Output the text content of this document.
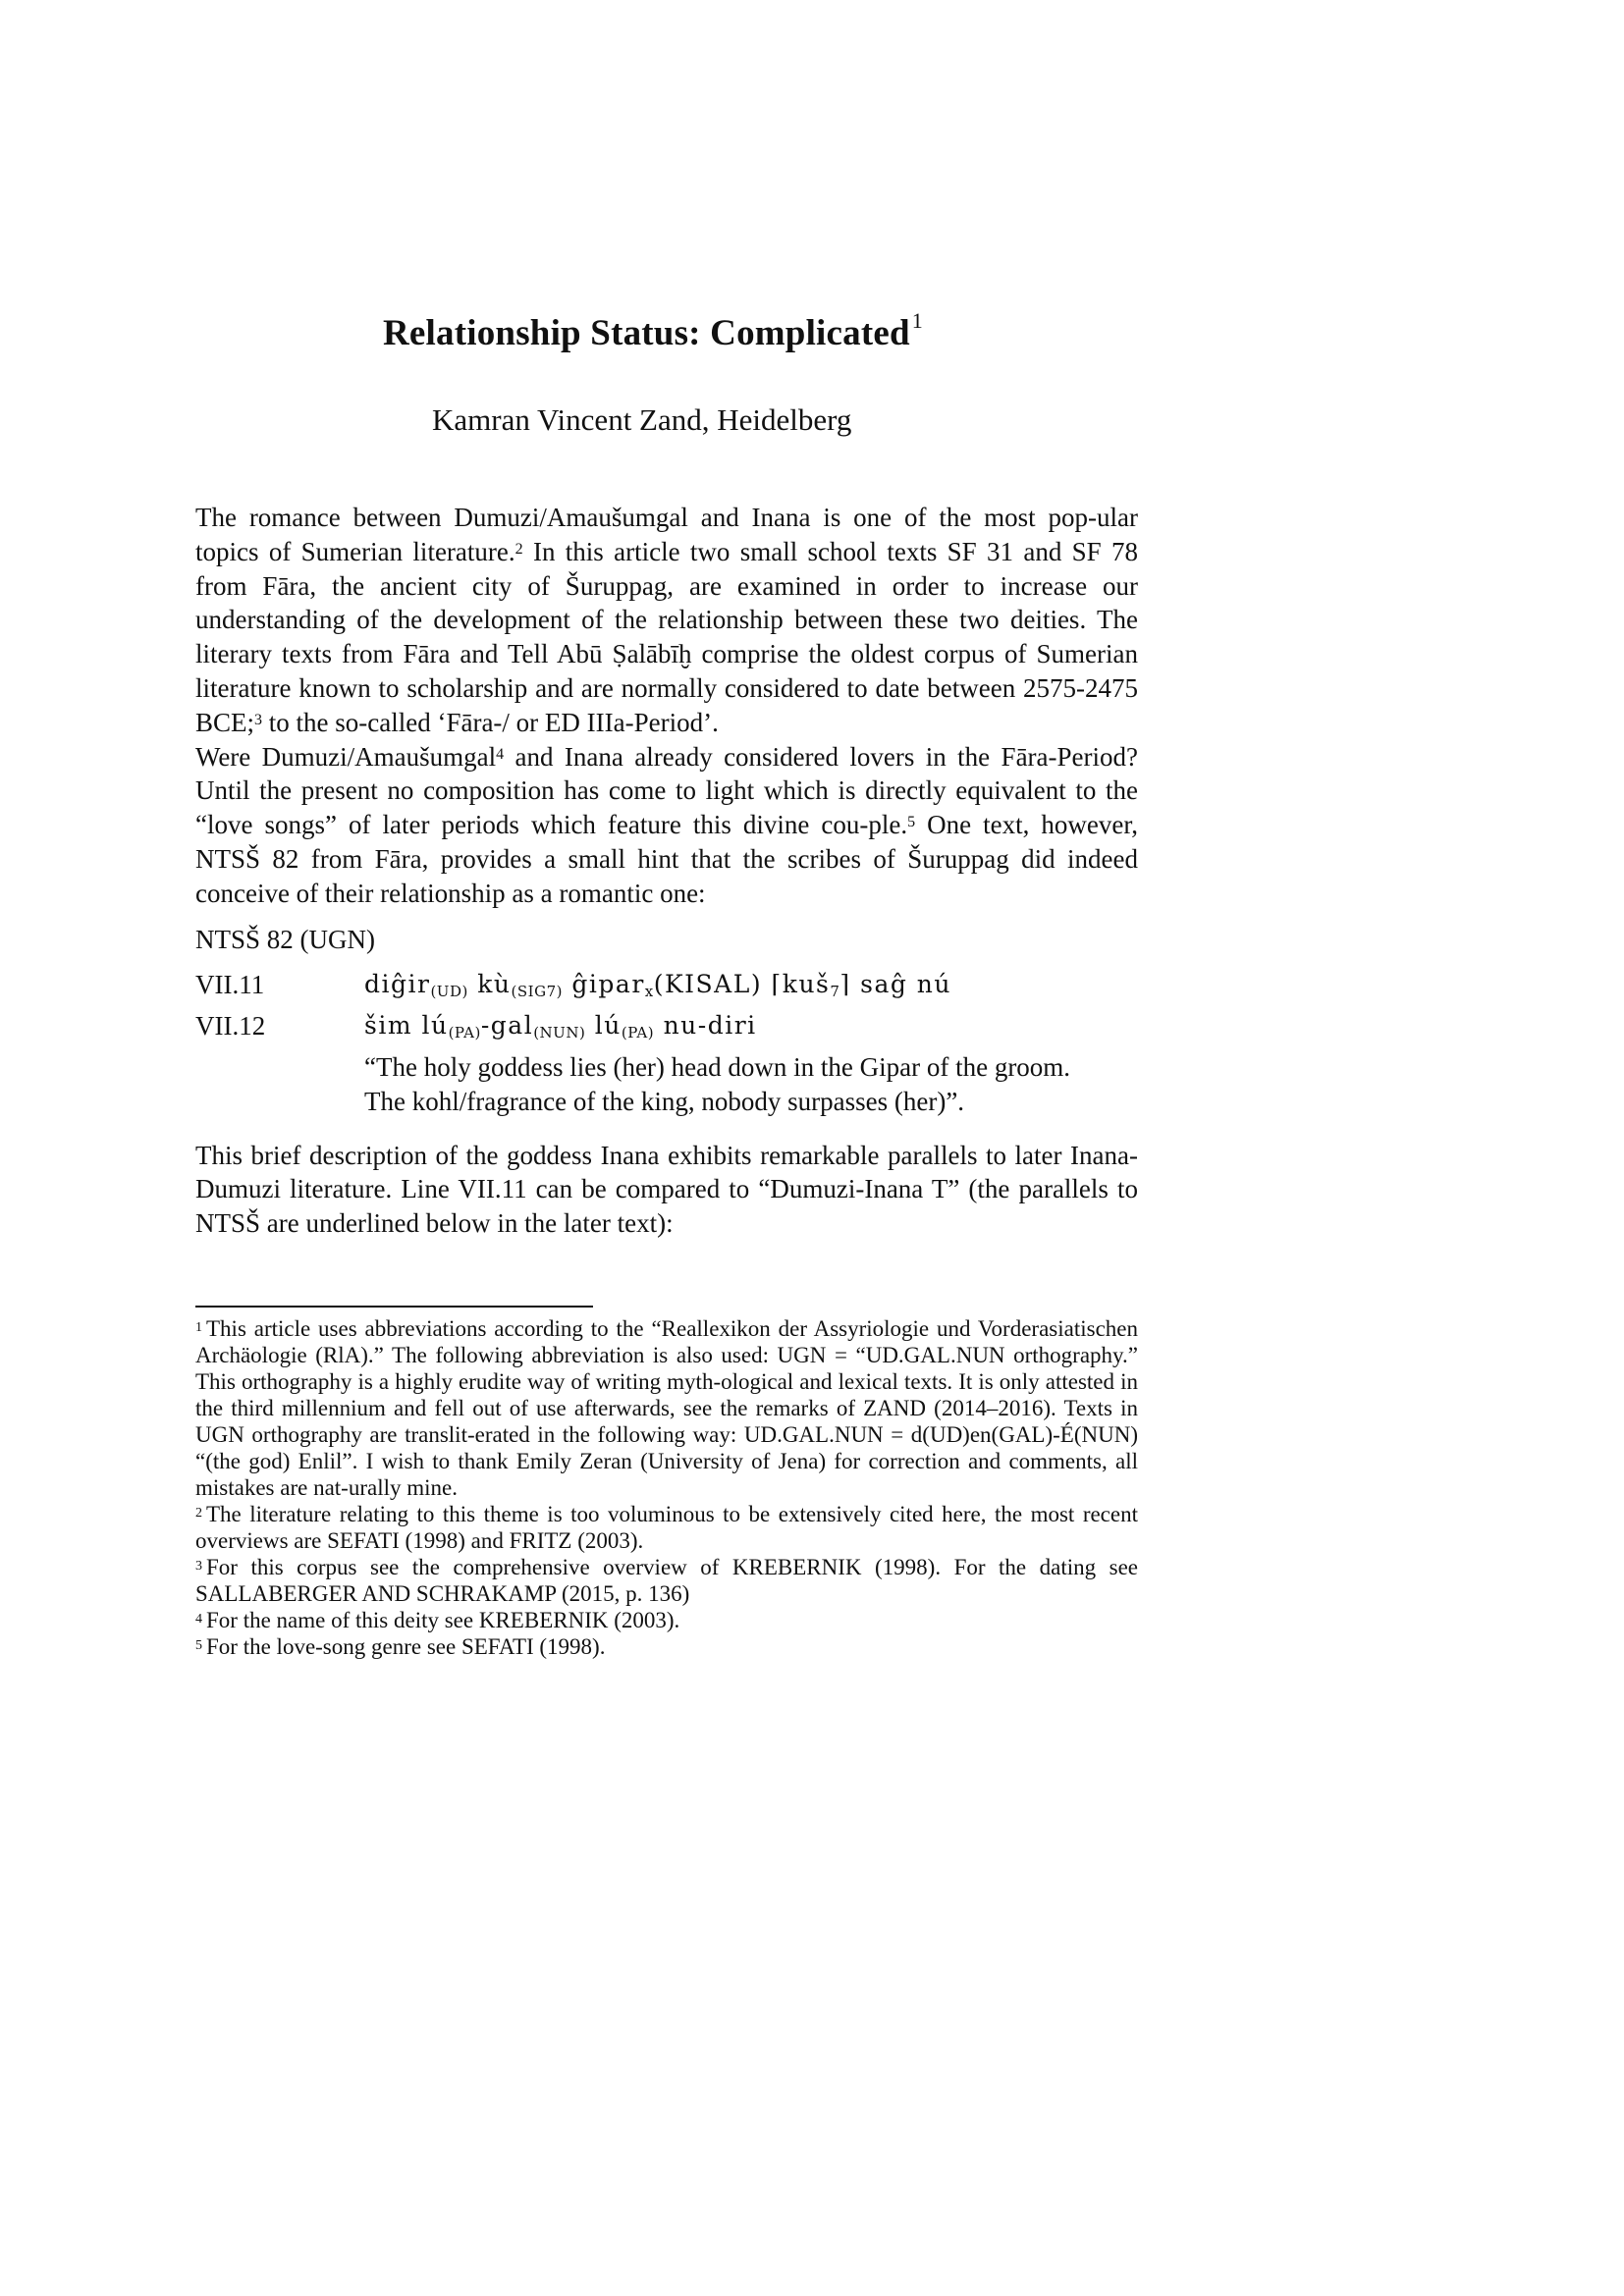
Relationship Status: Complicated$^1$
Kamran Vincent Zand, Heidelberg

The romance between Dumuzi/Amaušumgal and Inana is one of the most pop-ular topics of Sumerian literature.$^2$ In this article two small school texts SF 31 and SF 78 from Fāra, the ancient city of Šuruppag, are examined in order to increase our understanding of the development of the relationship between these two deities. The literary texts from Fāra and Tell Abū Ṣalābīḫ comprise the oldest corpus of Sumerian literature known to scholarship and are normally considered to date between 2575-2475 BCE;$^3$ to the so-called ‘Fāra-/ or ED IIIa-Period’.

Were Dumuzi/Amaušumgal$^4$ and Inana already considered lovers in the Fāra-Period? Until the present no composition has come to light which is directly equivalent to the “love songs” of later periods which feature this divine cou-ple.$^5$ One text, however, NTSŠ 82 from Fāra, provides a small hint that the scribes of Šuruppag did indeed conceive of their relationship as a romantic one:

NTSŠ 82 (UGN)

VII.11	diĝir$_{(UD)}$ $kù_{(SIG7)}$ ĝipar$_x$(KISAL) ⌈kuš$_7$⌉ saĝ nú
VII.12	šim $lú_{(PA)}-gal_{(NUN)}$ $lú_{(PA)}$ nu-diri
“The holy goddess lies (her) head down in the Gipar of the groom.
The kohl/fragrance of the king, nobody surpasses (her)”.

This brief description of the goddess Inana exhibits remarkable parallels to later Inana-Dumuzi literature. Line VII.11 can be compared to “Dumuzi-Inana T” (the parallels to NTSŠ are underlined below in the later text):

$^1$ This article uses abbreviations according to the “Reallexikon der Assyriologie und Vorderasiatischen Archäologie (RlA).” The following abbreviation is also used: UGN = “UD.GAL.NUN orthography.” This orthography is a highly erudite way of writing myth-ological and lexical texts. It is only attested in the third millennium and fell out of use afterwards, see the remarks of ZAND (2014–2016). Texts in UGN orthography are translit-erated in the following way: UD.GAL.NUN = d(UD)en(GAL)-É(NUN) “(the god) Enlil”. I wish to thank Emily Zeran (University of Jena) for correction and comments, all mistakes are nat-urally mine.

$^2$ The literature relating to this theme is too voluminous to be extensively cited here, the most recent overviews are SEFATI (1998) and FRITZ (2003).

$^3$ For this corpus see the comprehensive overview of KREBERNIK (1998). For the dating see SALLABERGER AND SCHRAKAMP (2015, p. 136)

$^4$ For the name of this deity see KREBERNIK (2003).

$^5$ For the love-song genre see SEFATI (1998).
